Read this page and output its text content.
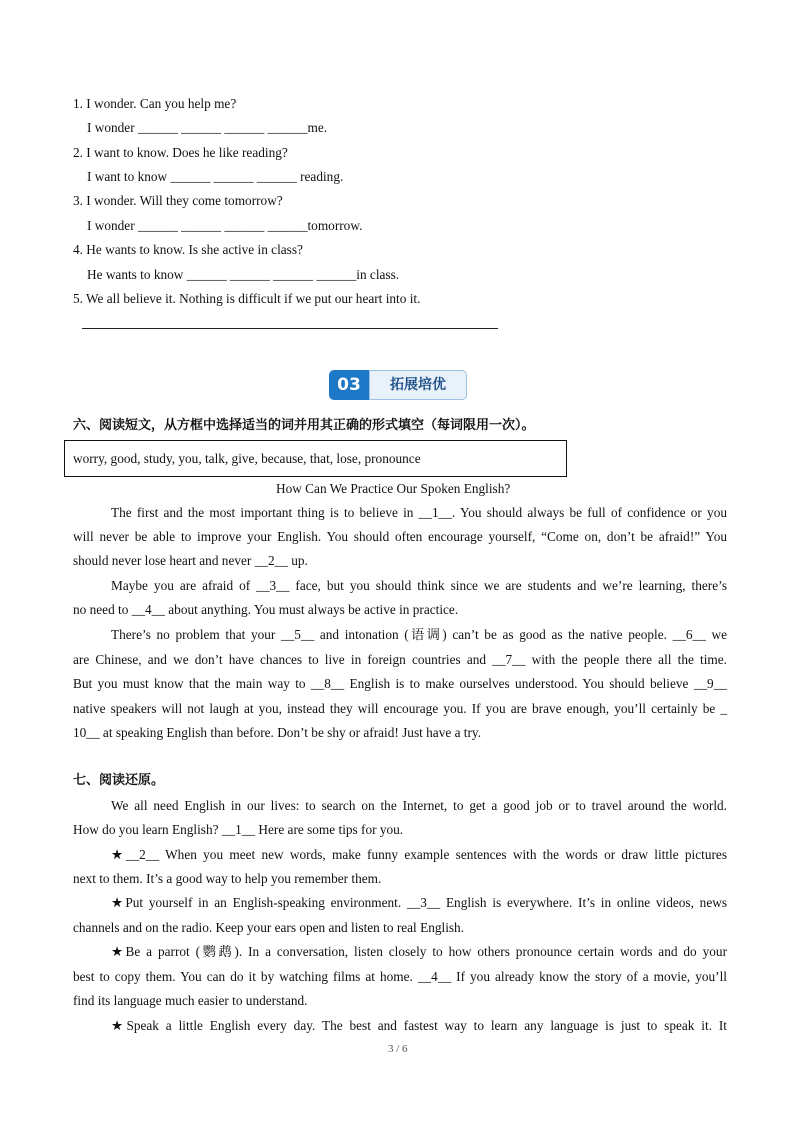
1. I wonder. Can you help me?
I wonder ______ ______ ______ ______me.
2. I want to know. Does he like reading?
I want to know ______ ______ ______ reading.
3. I wonder. Will they come tomorrow?
I wonder ______ ______ ______ ______tomorrow.
4. He wants to know. Is she active in class?
He wants to know ______ ______ ______ ______in class.
5. We all believe it. Nothing is difficult if we put our heart into it.
03	拓展培优
六、阅读短文，从方框中选择适当的词并用其正确的形式填空（每词限用一次）。
worry, good, study, you, talk, give, because, that, lose, pronounce
How Can We Practice Our Spoken English?
The first and the most important thing is to believe in __1__. You should always be full of confidence or you
will never be able to improve your English. You should often encourage yourself, “Come on, don’t be afraid!” You
should never lose heart and never __2__ up.
Maybe you are afraid of __3__ face, but you should think since we are students and we’re learning, there’s
no need to __4__ about anything. You must always be active in practice.
There’s no problem that your __5__ and intonation (语调) can’t be as good as the native people. __6__ we
are Chinese, and we don’t have chances to live in foreign countries and __7__ with the people there all the time.
But you must know that the main way to __8__ English is to make ourselves understood. You should believe __9__
native speakers will not laugh at you, instead they will encourage you. If you are brave enough, you’ll certainly be _
10__ at speaking English than before. Don’t be shy or afraid! Just have a try.
七、阅读还原。
We all need English in our lives: to search on the Internet, to get a good job or to travel around the world.
How do you learn English? __1__ Here are some tips for you.
★__2__ When you meet new words, make funny example sentences with the words or draw little pictures
next to them. It’s a good way to help you remember them.
★Put yourself in an English-speaking environment. __3__ English is everywhere. It’s in online videos, news
channels and on the radio. Keep your ears open and listen to real English.
★Be a parrot (鹦鹉). In a conversation, listen closely to how others pronounce certain words and do your
best to copy them. You can do it by watching films at home. __4__ If you already know the story of a movie, you’ll
find its language much easier to understand.
★Speak a little English every day. The best and fastest way to learn any language is just to speak it. It
3 / 6
